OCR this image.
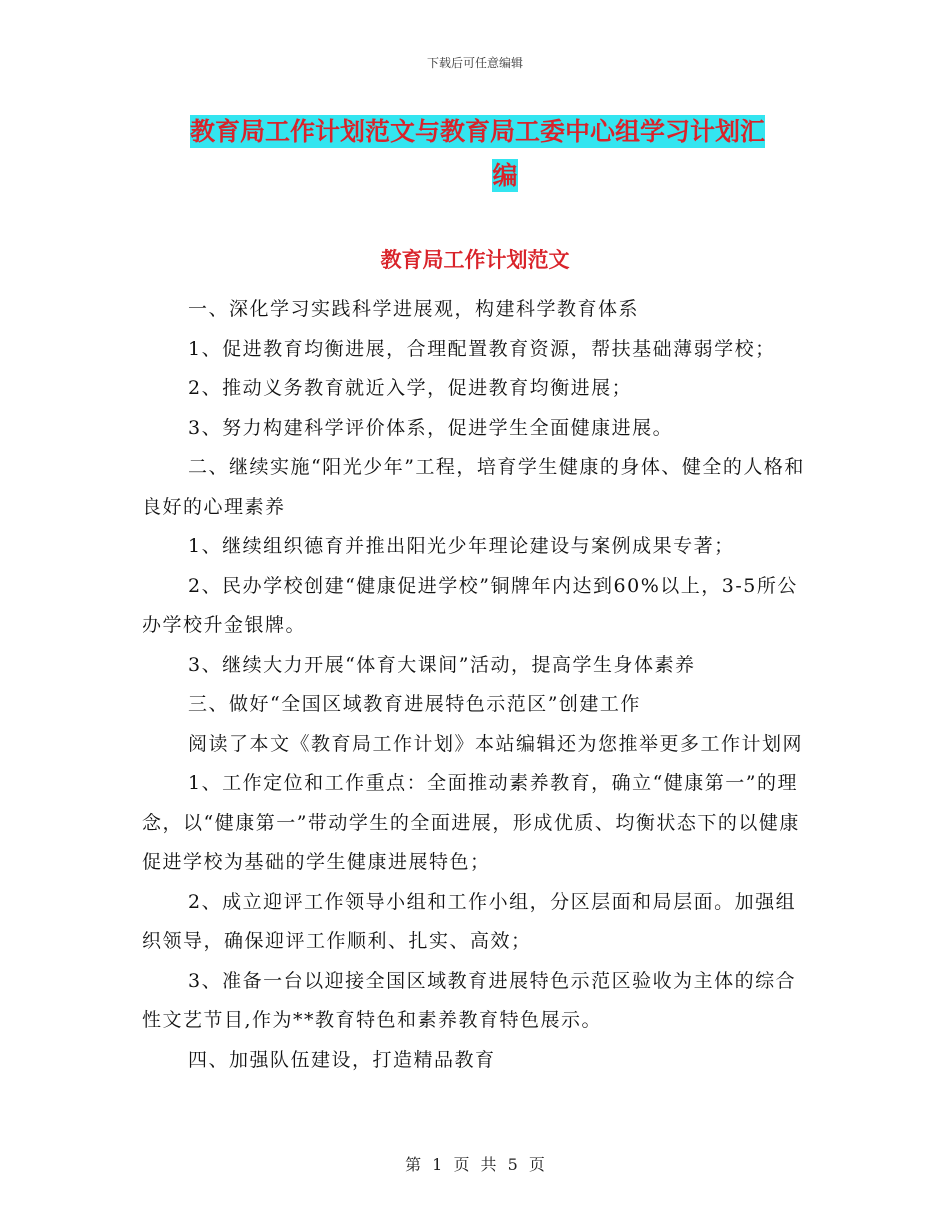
下载后可任意编辑
教育局工作计划范文与教育局工委中心组学习计划汇
编
教育局工作计划范文

一、深化学习实践科学进展观，构建科学教育体系

1、促进教育均衡进展，合理配置教育资源，帮扶基础薄弱学校；

2、推动义务教育就近入学，促进教育均衡进展；

3、努力构建科学评价体系，促进学生全面健康进展。

二、继续实施“阳光少年”工程，培育学生健康的身体、健全的人格和良好的心理素养

1、继续组织德育并推出阳光少年理论建设与案例成果专著；

2、民办学校创建“健康促进学校”铜牌年内达到60%以上，3-5所公办学校升金银牌。

3、继续大力开展“体育大课间”活动，提高学生身体素养

三、做好“全国区域教育进展特色示范区”创建工作

阅读了本文《教育局工作计划》本站编辑还为您推举更多工作计划网

1、工作定位和工作重点：全面推动素养教育，确立“健康第一”的理念，以“健康第一”带动学生的全面进展，形成优质、均衡状态下的以健康促进学校为基础的学生健康进展特色；

2、成立迎评工作领导小组和工作小组，分区层面和局层面。加强组织领导，确保迎评工作顺利、扎实、高效；

3、准备一台以迎接全国区域教育进展特色示范区验收为主体的综合性文艺节目,作为**教育特色和素养教育特色展示。

四、加强队伍建设，打造精品教育

第 1 页 共 5 页
